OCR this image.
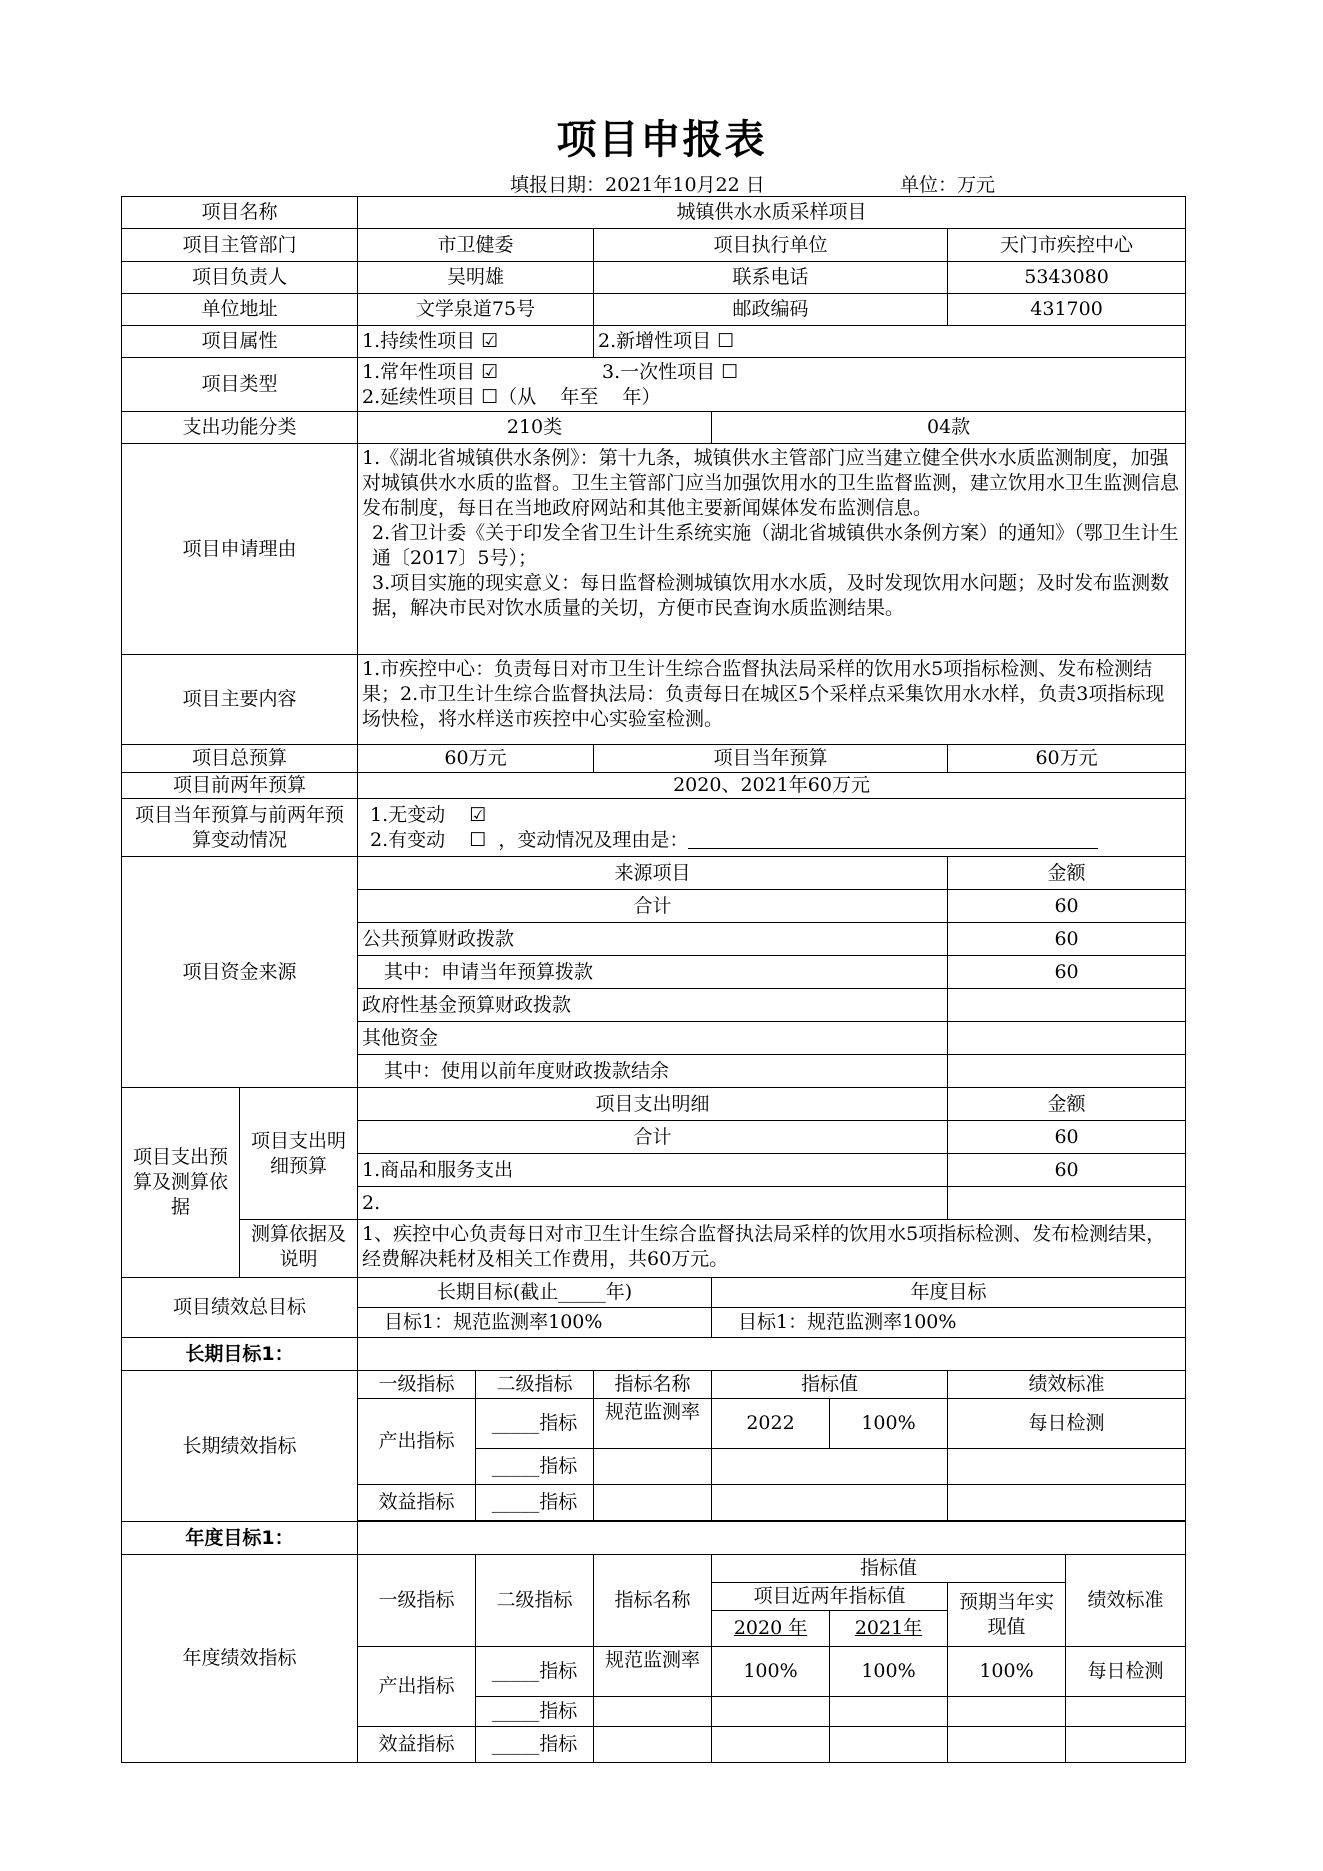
项目申报表
填报日期：2021年10月22 日	单位：万元
项目名称		城镇供水水质采样项目						
项目主管部门		市卫健委		项目执行单位			天门市疾控中心	
项目负责人		吴明雄		联系电话			5343080	
单位地址		文学泉道75号		邮政编码			431700	
项目属性		1.持续性项目 ☑		2.新增性项目 ☐				
项目类型		1.常年性项目 ☑ 3.一次性项目 ☐
2.延续性项目 ☐（从    年至    年）						

支出功能分类		210类			04款			
项目申请理由		1.《湖北省城镇供水条例》：第十九条，城镇供水主管部门应当建立健全供水水质监测制度，加强对城镇供水水质的监督。卫生主管部门应当加强饮用水的卫生监督监测，建立饮用水卫生监测信息发布制度，每日在当地政府网站和其他主要新闻媒体发布监测信息。
2.省卫计委《关于印发全省卫生计生系统实施（湖北省城镇供水条例方案）的通知》（鄂卫生计生通〔2017〕5号）；
3.项目实施的现实意义：每日监督检测城镇饮用水水质，及时发现饮用水问题；及时发布监测数据，解决市民对饮水质量的关切，方便市民查询水质监测结果。						

项目主要内容		1.市疾控中心：负责每日对市卫生计生综合监督执法局采样的饮用水5项指标检测、发布检测结果；2.市卫生计生综合监督执法局：负责每日在城区5个采样点采集饮用水水样，负责3项指标现场快检，将水样送市疾控中心实验室检测。						
项目总预算		60万元		项目当年预算			60万元	
项目前两年预算		2020、2021年60万元						
项目当年预算与前两年预算变动情况		1.无变动    ☑
2.有变动    ☐  ，变动情况及理由是：						

项目资金来源		来源项目					金额	
		合计					60	
		公共预算财政拨款					60	
		其中：申请当年预算拨款					60	
		政府性基金预算财政拨款						
		其他资金						
		其中：使用以前年度财政拨款结余						
项目支出预算及测算依据	项目支出明细预算	项目支出明细					金额	
		合计					60	
		1.商品和服务支出					60	
		2.						

	测算依据及说明	1、疾控中心负责每日对市卫生计生综合监督执法局采样的饮用水5项指标检测、发布检测结果，经费解决耗材及相关工作费用，共60万元。						

项目绩效总目标		长期目标(截止_____年)			年度目标			
		目标1：规范监测率100%			目标1：规范监测率100%			
长期目标1：								
长期绩效指标		一级指标	二级指标	指标名称	指标值		绩效标准	
		产出指标	_____指标	规范监测率	2022	100%	每日检测	
			_____指标					
		效益指标	_____指标					

年度目标1：								
年度绩效指标		一级指标	二级指标	指标名称	指标值			绩效标准
					项目近两年指标值		预期当年实现值	
					2020 年	2021年		
		产出指标	_____指标	规范监测率	100%	100%	100%	每日检测
			_____指标					
		效益指标	_____指标					
